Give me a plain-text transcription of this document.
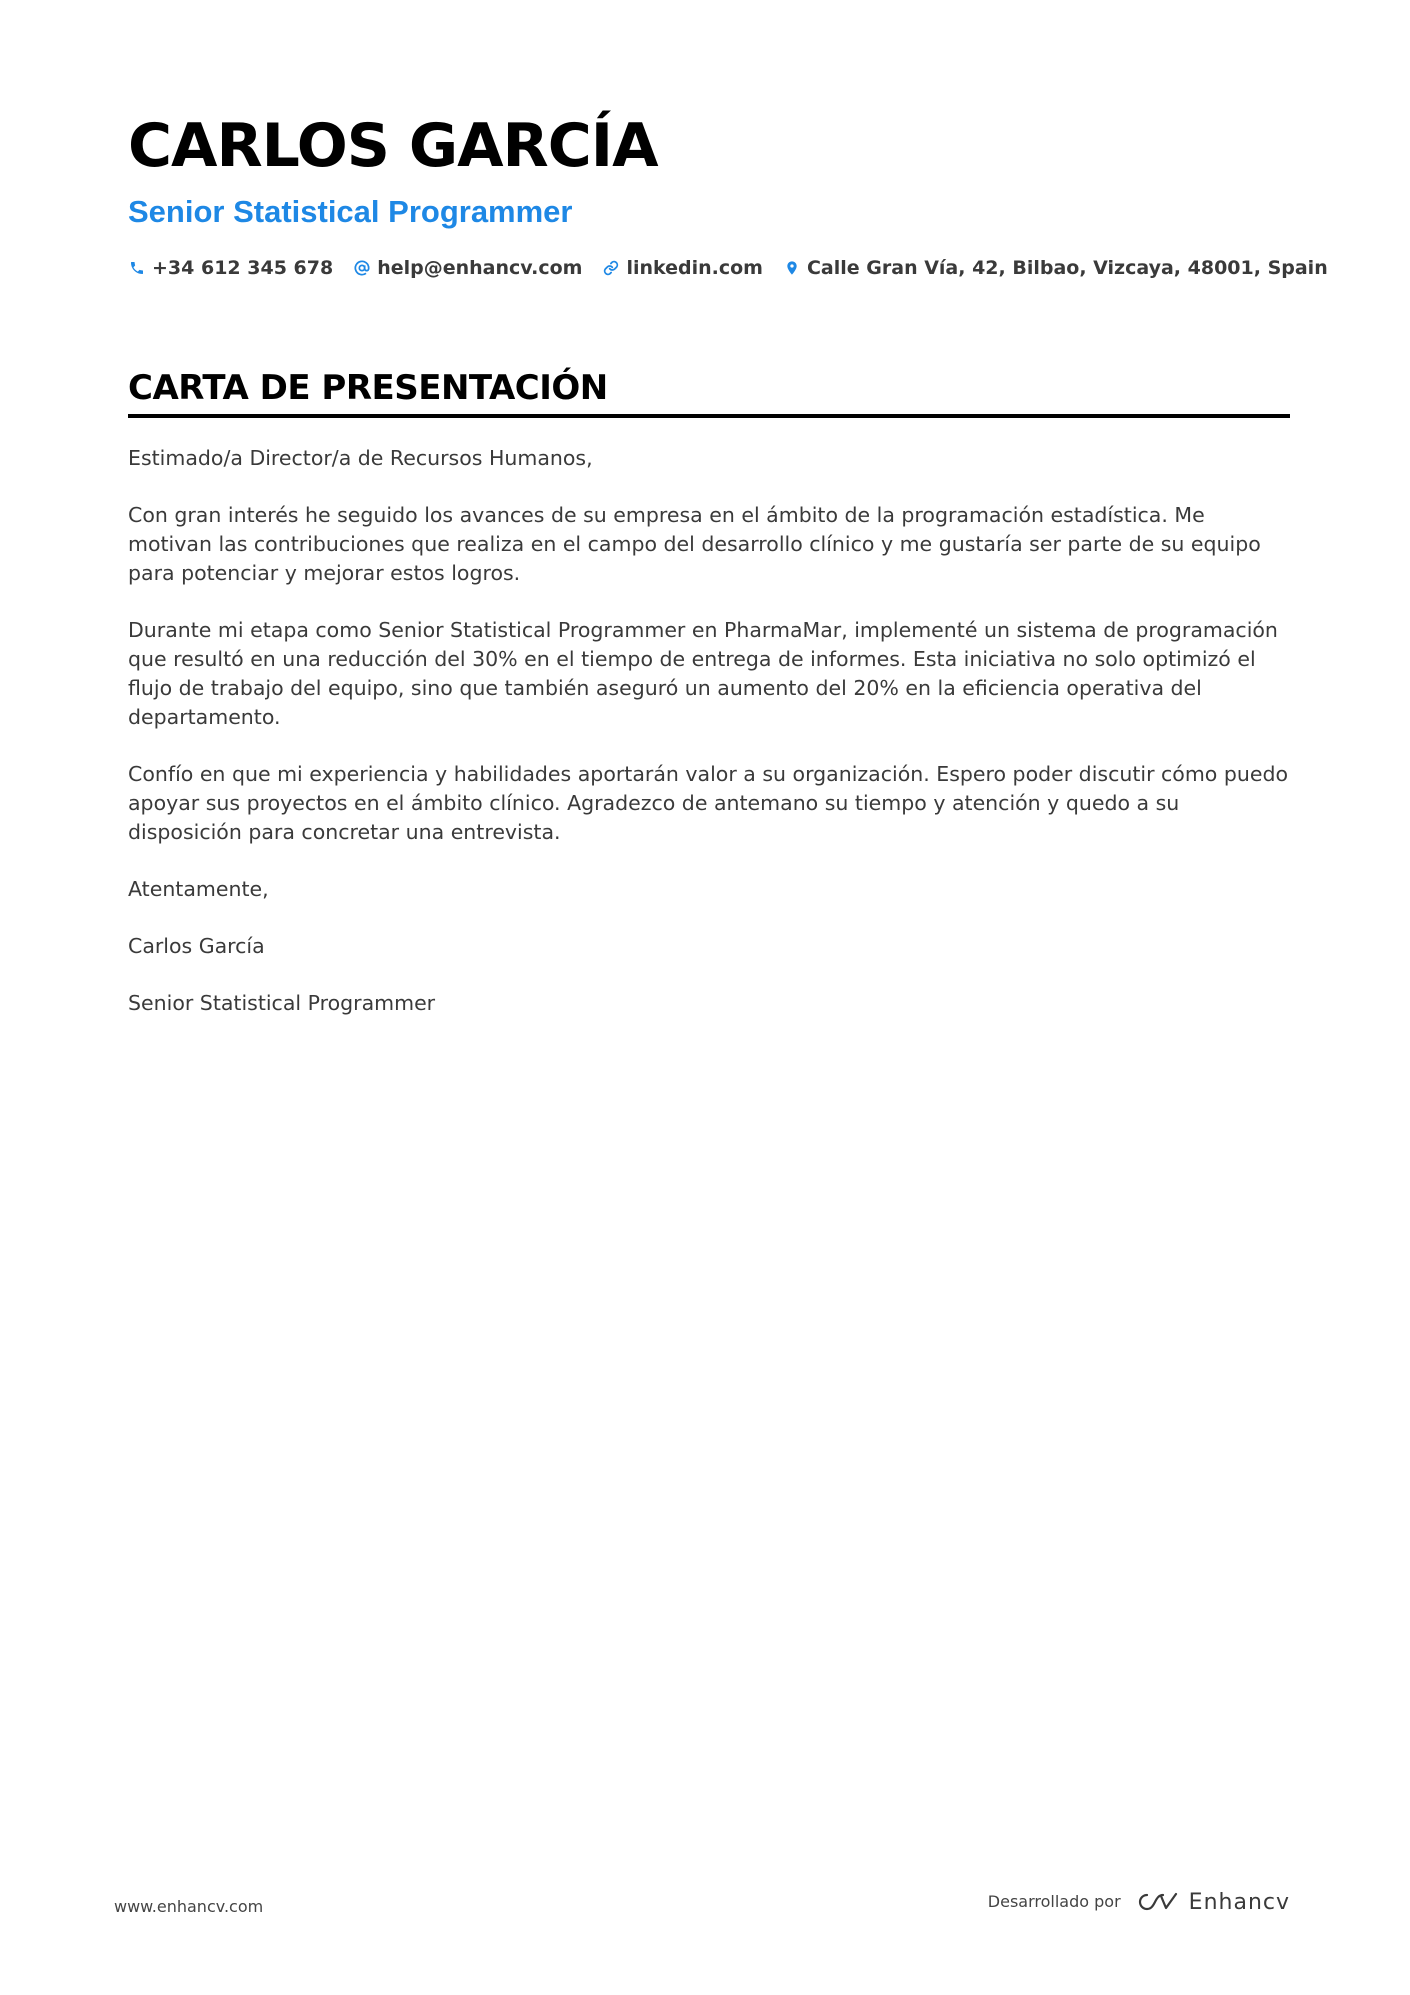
CARLOS GARCÍA
Senior Statistical Programmer
+34 612 345 678 help@enhancv.com linkedin.com Calle Gran Vía, 42, Bilbao, Vizcaya, 48001, Spain
CARTA DE PRESENTACIÓN

Estimado/a Director/a de Recursos Humanos,

Con gran interés he seguido los avances de su empresa en el ámbito de la programación estadística. Me motivan las contribuciones que realiza en el campo del desarrollo clínico y me gustaría ser parte de su equipo para potenciar y mejorar estos logros.

Durante mi etapa como Senior Statistical Programmer en PharmaMar, implementé un sistema de programación que resultó en una reducción del 30% en el tiempo de entrega de informes. Esta iniciativa no solo optimizó el flujo de trabajo del equipo, sino que también aseguró un aumento del 20% en la eficiencia operativa del departamento.

Confío en que mi experiencia y habilidades aportarán valor a su organización. Espero poder discutir cómo puedo apoyar sus proyectos en el ámbito clínico. Agradezco de antemano su tiempo y atención y quedo a su disposición para concretar una entrevista.

Atentamente,

Carlos García

Senior Statistical Programmer

www.enhancv.com	Desarrollado por	Enhancv
